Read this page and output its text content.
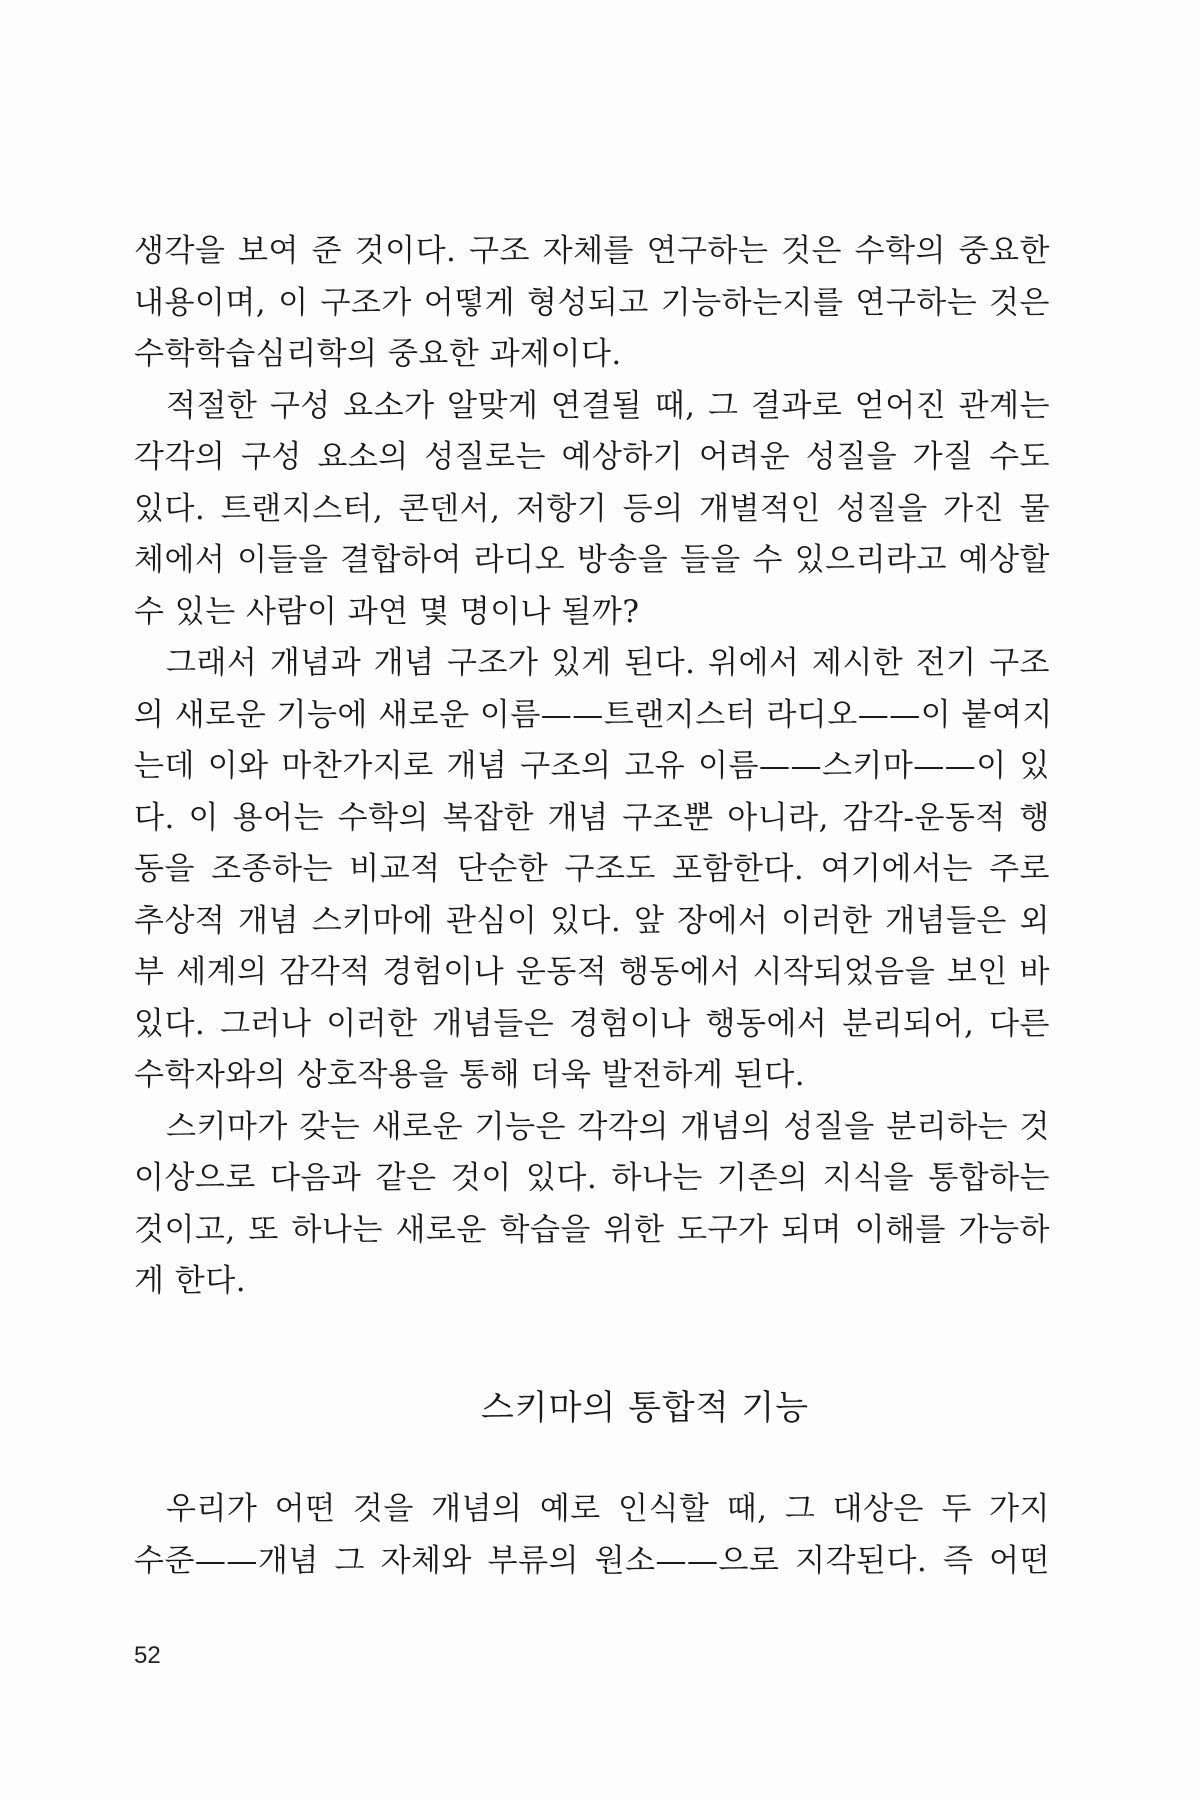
생각을 보여 준 것이다. 구조 자체를 연구하는 것은 수학의 중요한
내용이며, 이 구조가 어떻게 형성되고 기능하는지를 연구하는 것은
수학학습심리학의 중요한 과제이다.
적절한 구성 요소가 알맞게 연결될 때, 그 결과로 얻어진 관계는
각각의 구성 요소의 성질로는 예상하기 어려운 성질을 가질 수도
있다. 트랜지스터, 콘덴서, 저항기 등의 개별적인 성질을 가진 물
체에서 이들을 결합하여 라디오 방송을 들을 수 있으리라고 예상할
수 있는 사람이 과연 몇 명이나 될까?
그래서 개념과 개념 구조가 있게 된다. 위에서 제시한 전기 구조
의 새로운 기능에 새로운 이름——트랜지스터 라디오——이 붙여지
는데 이와 마찬가지로 개념 구조의 고유 이름——스키마——이 있
다. 이 용어는 수학의 복잡한 개념 구조뿐 아니라, 감각-운동적 행
동을 조종하는 비교적 단순한 구조도 포함한다. 여기에서는 주로
추상적 개념 스키마에 관심이 있다. 앞 장에서 이러한 개념들은 외
부 세계의 감각적 경험이나 운동적 행동에서 시작되었음을 보인 바
있다. 그러나 이러한 개념들은 경험이나 행동에서 분리되어, 다른
수학자와의 상호작용을 통해 더욱 발전하게 된다.
스키마가 갖는 새로운 기능은 각각의 개념의 성질을 분리하는 것
이상으로 다음과 같은 것이 있다. 하나는 기존의 지식을 통합하는
것이고, 또 하나는 새로운 학습을 위한 도구가 되며 이해를 가능하
게 한다.
스키마의 통합적 기능
우리가 어떤 것을 개념의 예로 인식할 때, 그 대상은 두 가지
수준——개념 그 자체와 부류의 원소——으로 지각된다. 즉 어떤
52
